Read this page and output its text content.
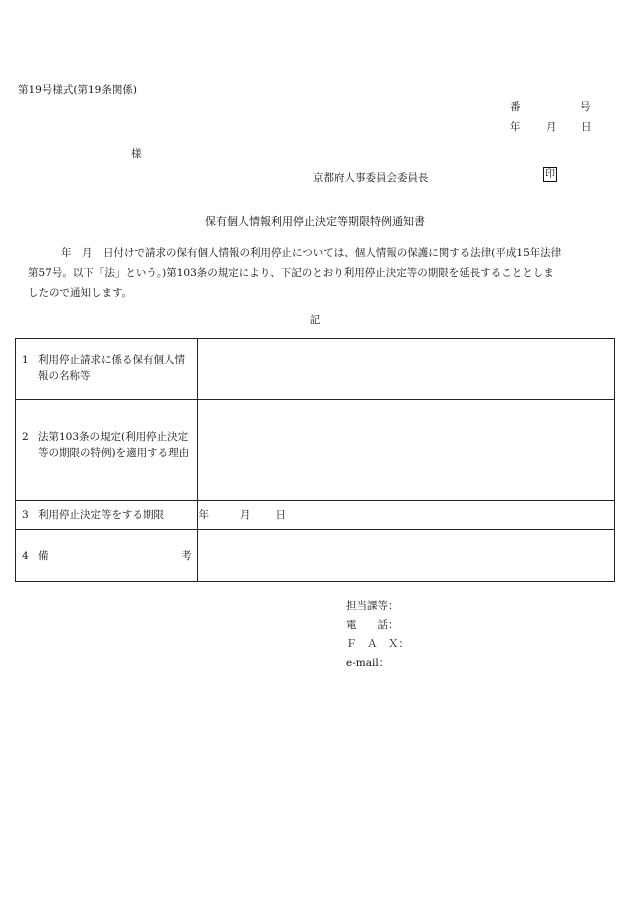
第19号様式(第19条関係)
番	号
年 月 日
様
京都府人事委員会委員長	印
保有個人情報利用停止決定等期限特例通知書

年　月　日付けで請求の保有個人情報の利用停止については、個人情報の保護に関する法律(平成15年法律

第57号。以下「法」という。)第103条の規定により、下記のとおり利用停止決定等の期限を延長することとしま

したので通知します。

記
1 利用停止請求に係る保有個人情報の名称等	

2 法第103条の規定(利用停止決定等の期限の特例)を適用する理由	

3 利用停止決定等をする期限	年 月 日

4 備 考	

担当課等：
電　　話：
Ｆ　Ａ　Ｘ：
e-mail：
